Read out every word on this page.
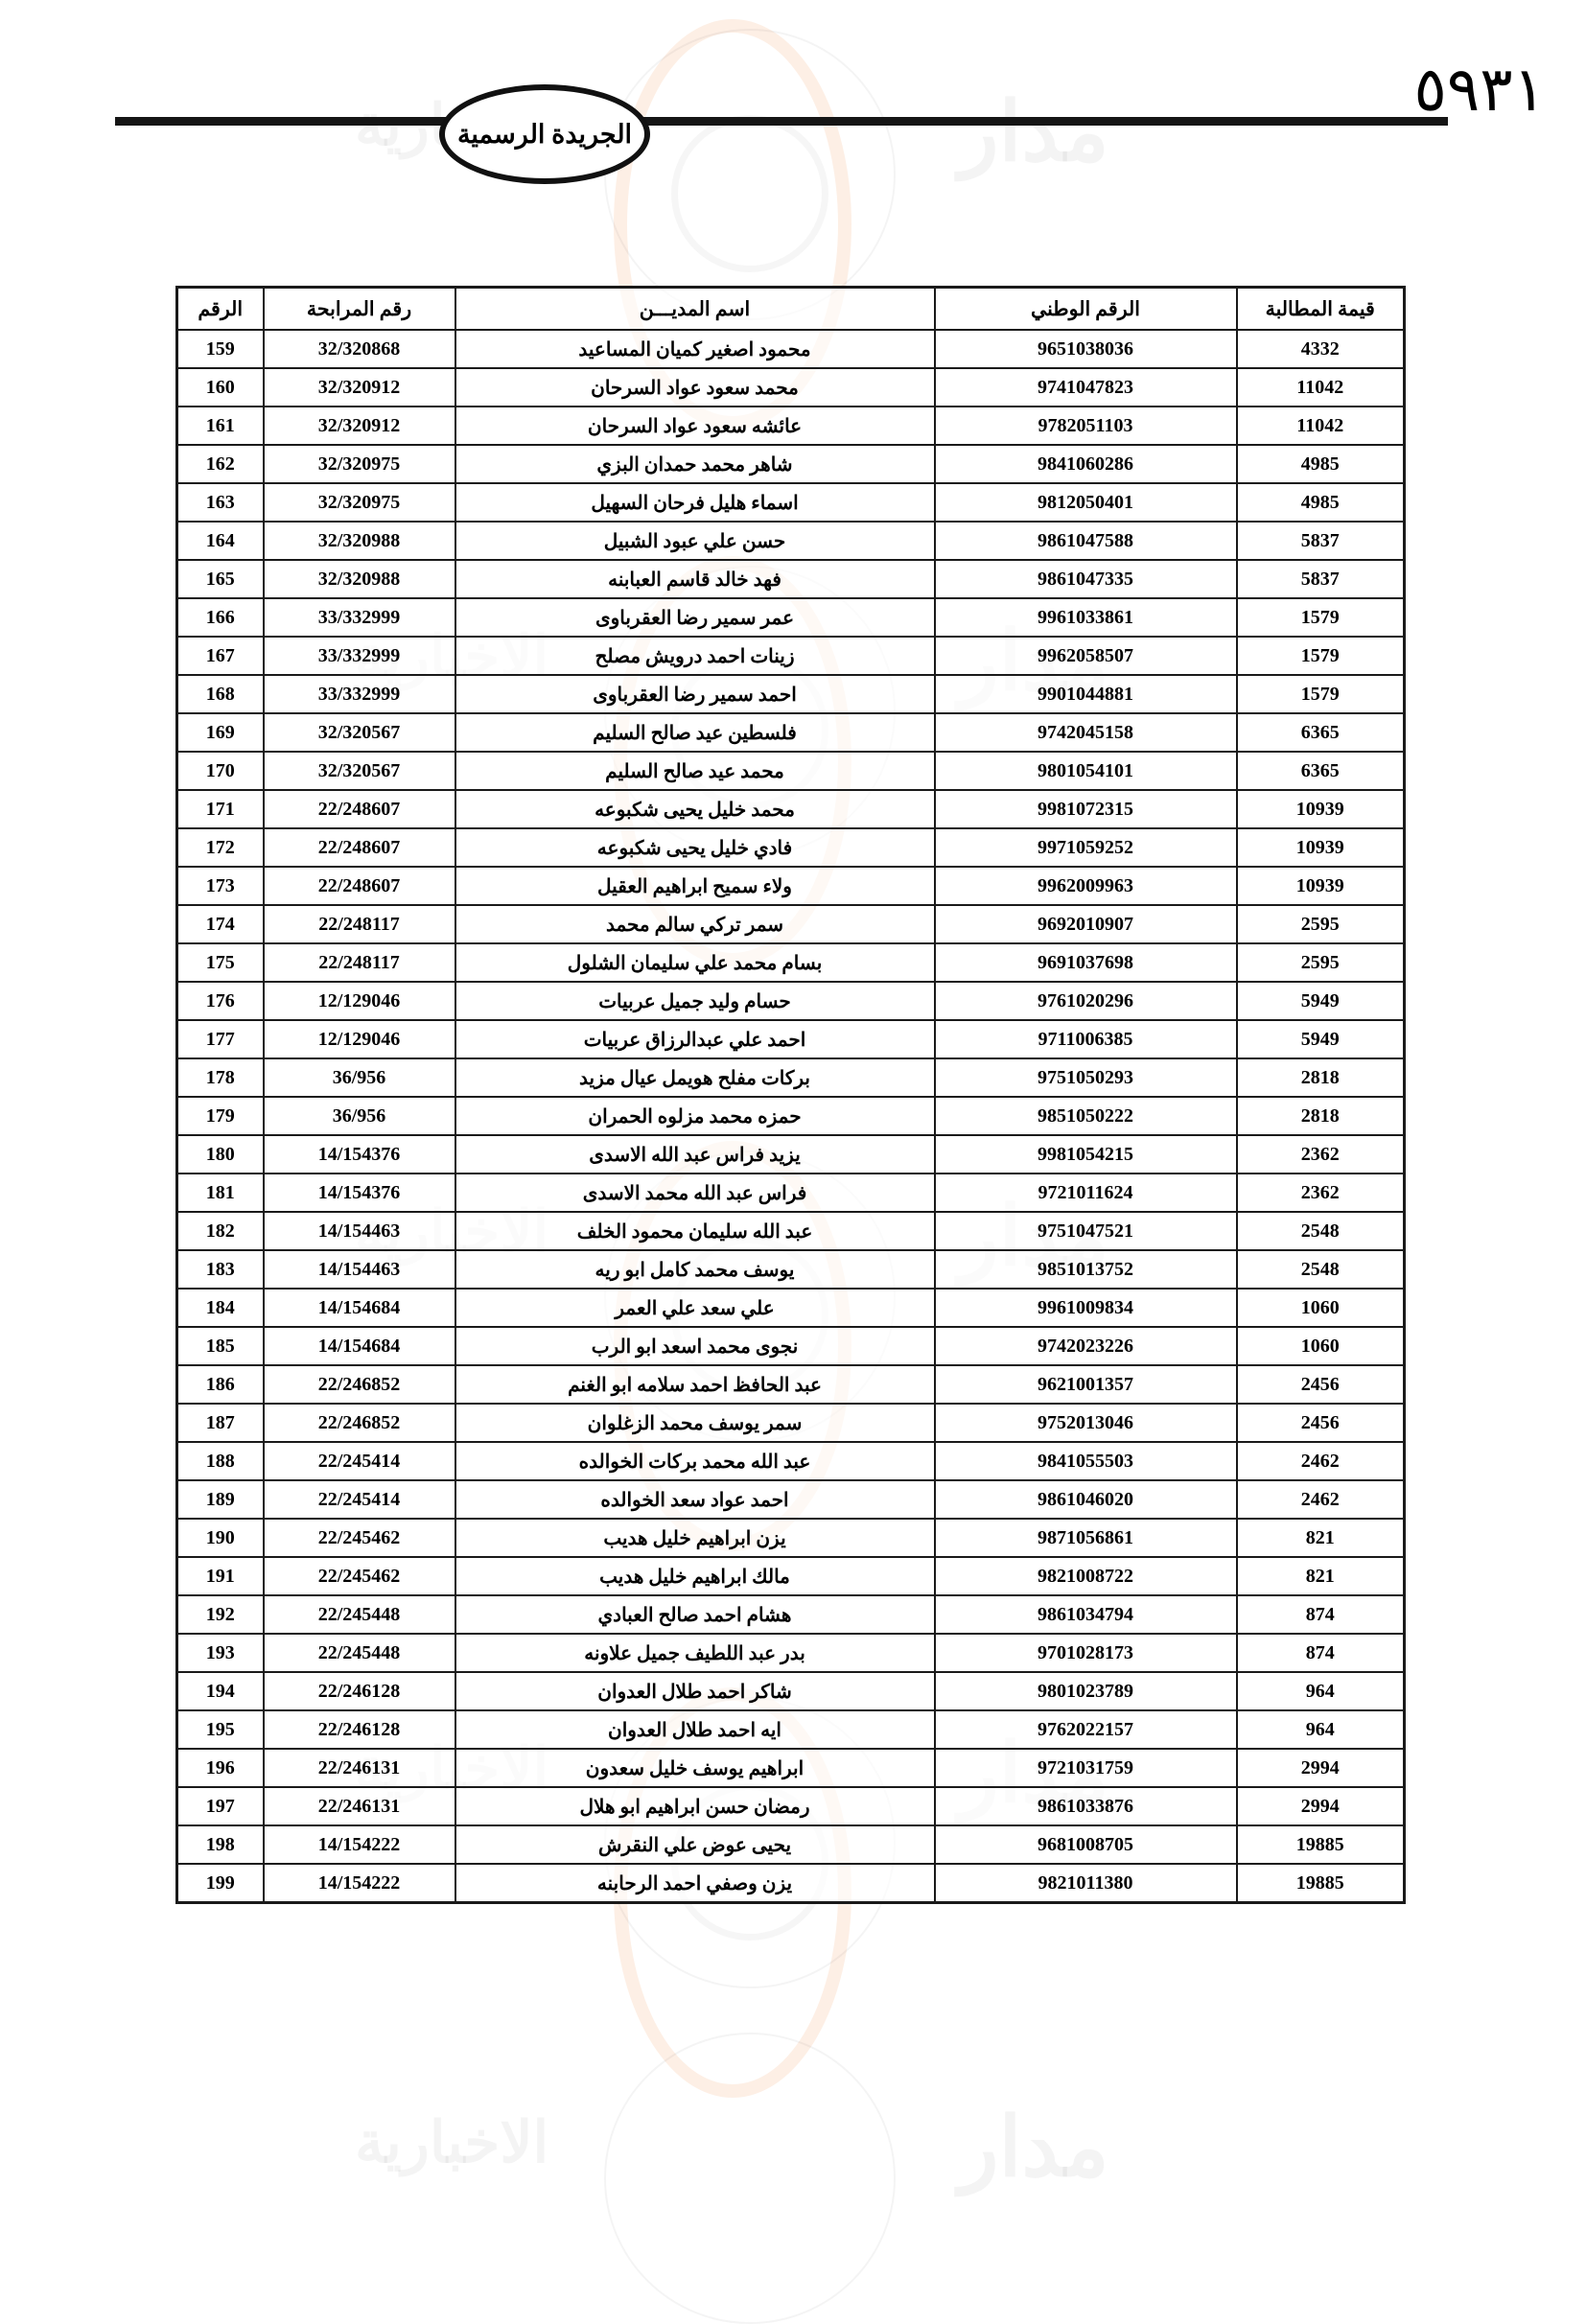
الجريدة الرسمية
٥٩٣١
قيمة المطالبة	الرقم الوطني	اسم المديـــن	رقم المرابحة	الرقم
4332	9651038036	محمود اصغير كميان المساعيد	32/320868	159
11042	9741047823	محمد سعود عواد السرحان	32/320912	160
11042	9782051103	عائشه سعود عواد السرحان	32/320912	161
4985	9841060286	شاهر محمد حمدان البزي	32/320975	162
4985	9812050401	اسماء هليل فرحان السهيل	32/320975	163
5837	9861047588	حسن علي عبود الشبيل	32/320988	164
5837	9861047335	فهد خالد قاسم العبابنه	32/320988	165
1579	9961033861	عمر سمير رضا العقرباوى	33/332999	166
1579	9962058507	زينات احمد درويش مصلح	33/332999	167
1579	9901044881	احمد سمير رضا العقرباوى	33/332999	168
6365	9742045158	فلسطين عيد صالح السليم	32/320567	169
6365	9801054101	محمد عيد صالح السليم	32/320567	170
10939	9981072315	محمد خليل يحيى شكبوعه	22/248607	171
10939	9971059252	فادي خليل يحيى شكبوعه	22/248607	172
10939	9962009963	ولاء سميح ابراهيم العقيل	22/248607	173
2595	9692010907	سمر تركي سالم محمد	22/248117	174
2595	9691037698	بسام محمد علي سليمان الشلول	22/248117	175
5949	9761020296	حسام وليد جميل عربيات	12/129046	176
5949	9711006385	احمد علي عبدالرزاق عربيات	12/129046	177
2818	9751050293	بركات مفلح هويمل عيال مزيد	36/956	178
2818	9851050222	حمزه محمد مزلوه الحمران	36/956	179
2362	9981054215	يزيد فراس عبد الله الاسدى	14/154376	180
2362	9721011624	فراس عبد الله محمد الاسدى	14/154376	181
2548	9751047521	عبد الله سليمان محمود الخلف	14/154463	182
2548	9851013752	يوسف محمد كامل ابو ريه	14/154463	183
1060	9961009834	علي سعد علي العمر	14/154684	184
1060	9742023226	نجوى محمد اسعد ابو الرب	14/154684	185
2456	9621001357	عبد الحافظ احمد سلامه ابو الغنم	22/246852	186
2456	9752013046	سمر يوسف محمد الزغلوان	22/246852	187
2462	9841055503	عبد الله محمد بركات الخوالده	22/245414	188
2462	9861046020	احمد عواد سعد الخوالده	22/245414	189
821	9871056861	يزن ابراهيم خليل هديب	22/245462	190
821	9821008722	مالك ابراهيم خليل هديب	22/245462	191
874	9861034794	هشام احمد صالح العبادي	22/245448	192
874	9701028173	بدر عبد اللطيف جميل علاونه	22/245448	193
964	9801023789	شاكر احمد طلال العدوان	22/246128	194
964	9762022157	ايه احمد طلال العدوان	22/246128	195
2994	9721031759	ابراهيم يوسف خليل سعدون	22/246131	196
2994	9861033876	رمضان حسن ابراهيم ابو هلال	22/246131	197
19885	9681008705	يحيى عوض علي النقرش	14/154222	198
19885	9821011380	يزن وصفي احمد الرحابنه	14/154222	199
